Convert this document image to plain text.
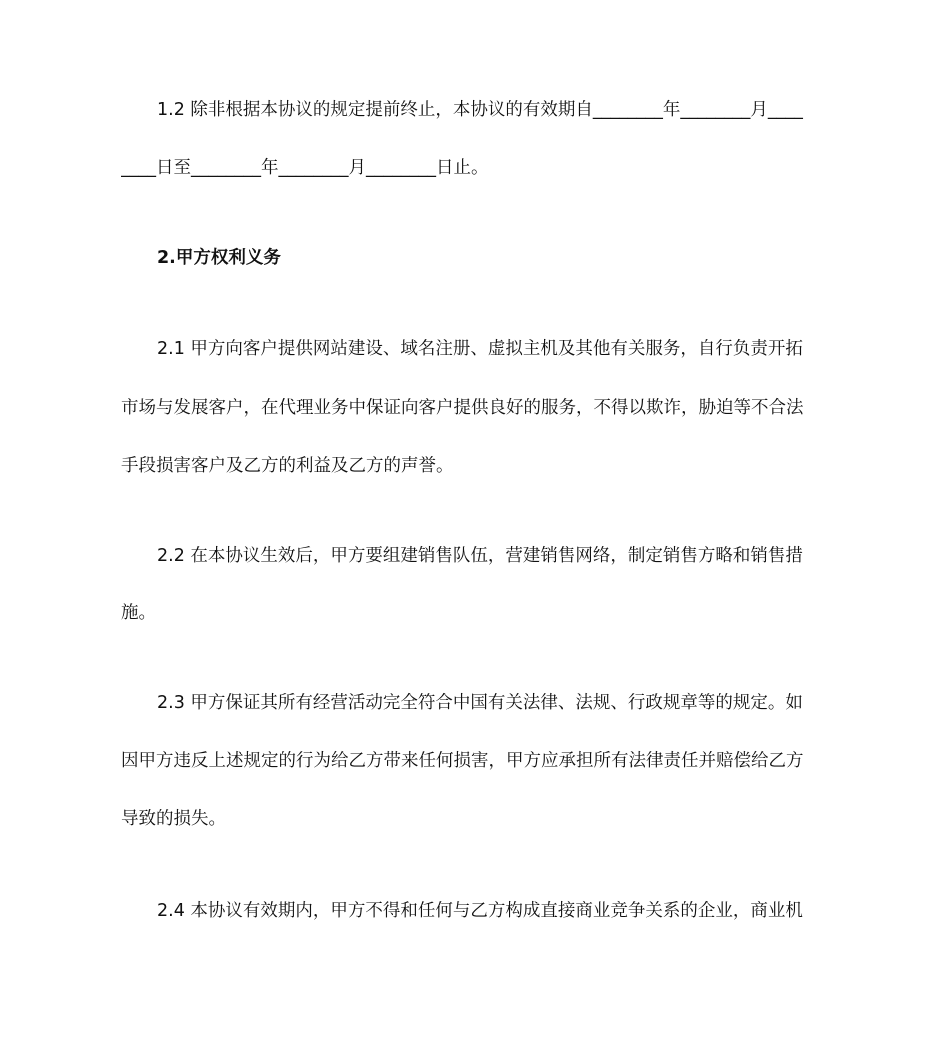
1.2 除非根据本协议的规定提前终止，本协议的有效期自________年________月____
____日至________年________月________日止。
2.甲方权利义务
2.1 甲方向客户提供网站建设、域名注册、虚拟主机及其他有关服务，自行负责开拓
市场与发展客户，在代理业务中保证向客户提供良好的服务，不得以欺诈，胁迫等不合法
手段损害客户及乙方的利益及乙方的声誉。
2.2 在本协议生效后，甲方要组建销售队伍，营建销售网络，制定销售方略和销售措
施。
2.3 甲方保证其所有经营活动完全符合中国有关法律、法规、行政规章等的规定。如
因甲方违反上述规定的行为给乙方带来任何损害，甲方应承担所有法律责任并赔偿给乙方
导致的损失。
2.4 本协议有效期内，甲方不得和任何与乙方构成直接商业竞争关系的企业，商业机
